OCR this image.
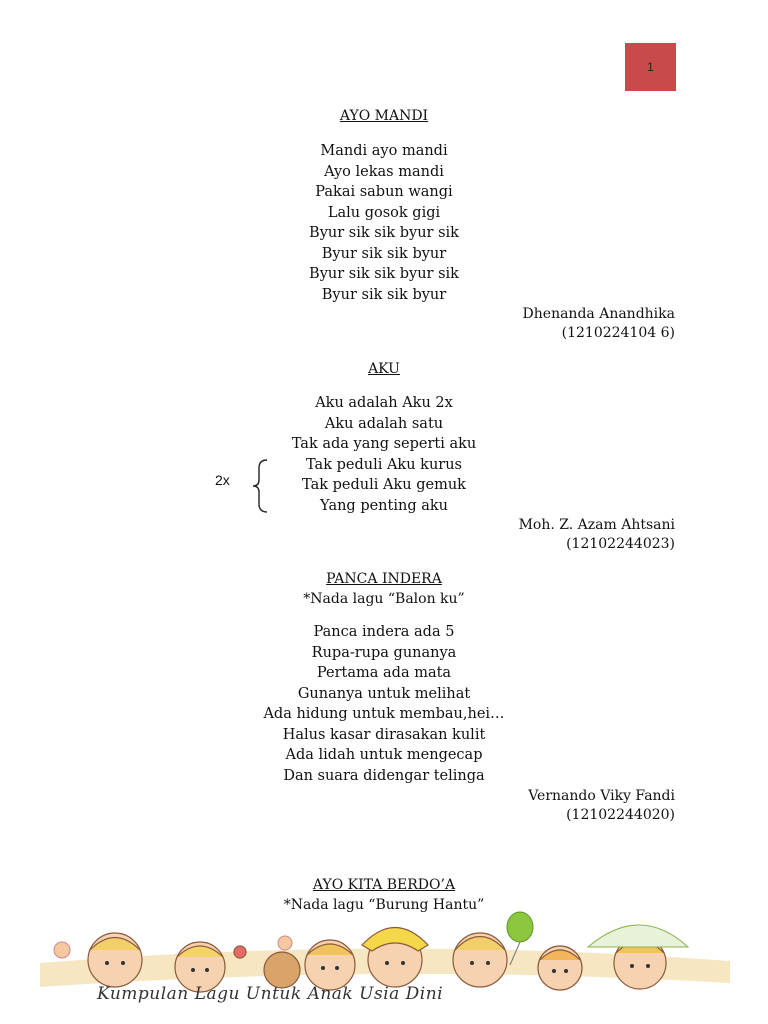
1
AYO MANDI
Mandi ayo mandi
Ayo lekas mandi
Pakai sabun wangi
Lalu gosok gigi
Byur sik sik byur sik
Byur sik sik byur
Byur sik sik byur sik
Byur sik sik byur
Dhenanda Anandhika
(1210224104 6)
AKU
Aku adalah Aku 2x
Aku adalah satu
Tak ada yang seperti aku
Tak peduli Aku kurus
Tak peduli Aku gemuk
Yang penting aku
2x
Moh. Z. Azam Ahtsani
(12102244023)
PANCA INDERA
*Nada lagu “Balon ku”
Panca indera ada 5
Rupa-rupa gunanya
Pertama ada mata
Gunanya untuk melihat
Ada hidung untuk membau,hei…
Halus kasar dirasakan kulit
Ada lidah untuk mengecap
Dan suara didengar telinga
Vernando Viky Fandi
(12102244020)
AYO KITA BERDO’A
*Nada lagu “Burung Hantu”
Kumpulan Lagu Untuk Anak Usia Dini
